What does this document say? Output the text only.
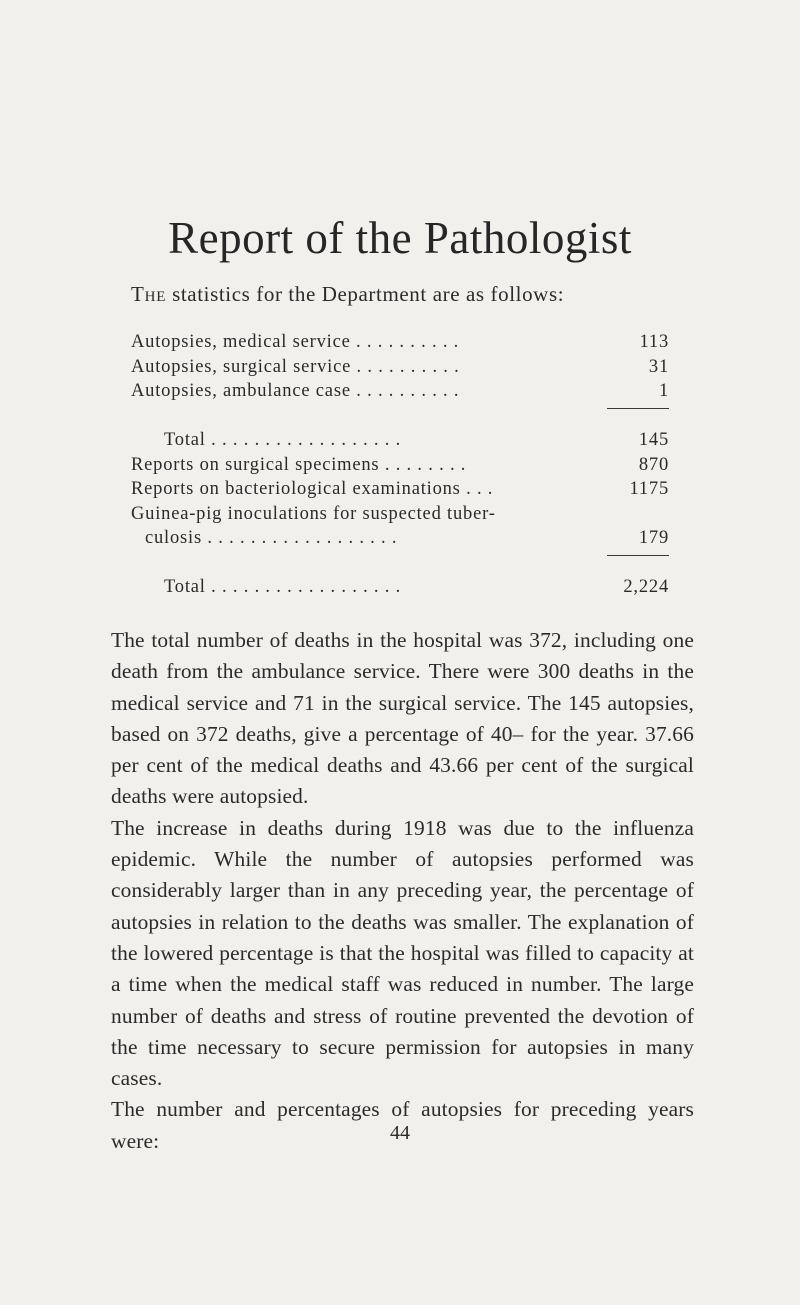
Report of the Pathologist
The statistics for the Department are as follows:
Autopsies, medical service . . . . . . . . . .	113
Autopsies, surgical service . . . . . . . . . .	31
Autopsies, ambulance case . . . . . . . . . .	1
Total . . . . . . . . . . . . . . . . . .	145
Reports on surgical specimens . . . . . . . .	870
Reports on bacteriological examinations . . .	1175
Guinea-pig inoculations for suspected tuber-
culosis . . . . . . . . . . . . . . . . . .	179
Total . . . . . . . . . . . . . . . . . .	2,224

The total number of deaths in the hospital was 372, including one death from the ambulance service. There were 300 deaths in the medical service and 71 in the surgical service. The 145 autopsies, based on 372 deaths, give a percentage of 40– for the year. 37.66 per cent of the medical deaths and 43.66 per cent of the surgical deaths were autopsied.

The increase in deaths during 1918 was due to the influenza epidemic. While the number of autopsies performed was considerably larger than in any preceding year, the percentage of autopsies in relation to the deaths was smaller. The explanation of the lowered percentage is that the hospital was filled to capacity at a time when the medical staff was reduced in number. The large number of deaths and stress of routine prevented the devotion of the time necessary to secure permission for autopsies in many cases.

The number and percentages of autopsies for preceding years were:	44
